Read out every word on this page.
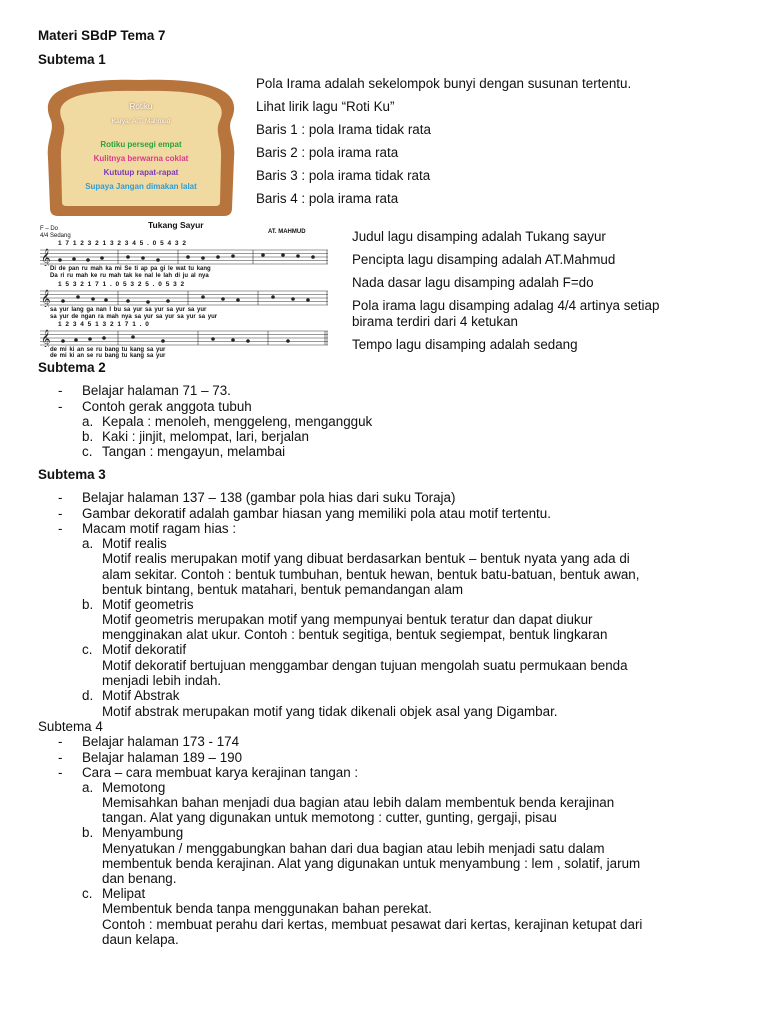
Materi SBdP Tema 7
Subtema 1
Rotiku
Karya: A.T. Mahmud
Rotiku persegi empat
Kulitnya berwarna coklat
Kututup rapat-rapat
Supaya Jangan dimakan lalat
Pola Irama adalah sekelompok bunyi dengan susunan tertentu.
Lihat lirik lagu “Roti Ku”
Baris 1 : pola Irama tidak rata
Baris 2 : pola irama rata
Baris 3 : pola irama tidak rata
Baris 4 : pola irama rata
Tukang Sayur
F – Do
4/4 Sedang
AT. MAHMUD
1 7 1 2 3 2 1 3 2 3 4 5 . 0 5 4 3 2
𝄞
Di de pan ru mah ka mi Se ti ap pa gi le wat tu kang
Da ri ru mah ke ru mah tak ke nal le lah di ju al nya
1 5 3 2 1 7 1 . 0 5 3 2 5 . 0 5 3 2
𝄞
sa yur lang ga nan I bu sa yur sa yur sa yur sa yur
sa yur de ngan ra mah nya sa yur sa yur sa yur sa yur
1 2 3 4 5 1 3 2 1 7 1 . 0
𝄞
de mi ki an se ru bang tu kang sa yur
de mi ki an se ru bang tu kang sa yur
Judul lagu disamping adalah Tukang sayur
Pencipta lagu disamping adalah AT.Mahmud
Nada dasar lagu disamping adalah F=do
Pola irama lagu disamping adalag 4/4 artinya setiap
birama terdiri dari 4 ketukan
Tempo lagu disamping adalah sedang
Subtema 2
- Belajar halaman 71 – 73.
- Contoh gerak anggota tubuh
a. Kepala : menoleh, menggeleng, mengangguk
b. Kaki : jinjit, melompat, lari, berjalan
c. Tangan : mengayun, melambai
Subtema 3
- Belajar halaman 137 – 138 (gambar pola hias dari suku Toraja)
- Gambar dekoratif adalah gambar hiasan yang memiliki pola atau motif tertentu.
- Macam motif ragam hias :
a. Motif realis
Motif realis merupakan motif yang dibuat berdasarkan bentuk – bentuk nyata yang ada di
alam sekitar. Contoh : bentuk tumbuhan, bentuk hewan, bentuk batu-batuan, bentuk awan,
bentuk bintang, bentuk matahari, bentuk pemandangan alam
b. Motif geometris
Motif geometris merupakan motif yang mempunyai bentuk teratur dan dapat diukur
mengginakan alat ukur. Contoh : bentuk segitiga, bentuk segiempat, bentuk lingkaran
c. Motif dekoratif
Motif dekoratif bertujuan menggambar dengan tujuan mengolah suatu permukaan benda
menjadi lebih indah.
d. Motif Abstrak
Motif abstrak merupakan motif yang tidak dikenali objek asal yang Digambar.
Subtema 4
- Belajar halaman 173 - 174
- Belajar halaman 189 – 190
- Cara – cara membuat karya kerajinan tangan :
a. Memotong
Memisahkan bahan menjadi dua bagian atau lebih dalam membentuk benda kerajinan
tangan. Alat yang digunakan untuk memotong : cutter, gunting, gergaji, pisau
b. Menyambung
Menyatukan / menggabungkan bahan dari dua bagian atau lebih menjadi satu dalam
membentuk benda kerajinan. Alat yang digunakan untuk menyambung : lem , solatif, jarum
dan benang.
c. Melipat
Membentuk benda tanpa menggunakan bahan perekat.
Contoh : membuat perahu dari kertas, membuat pesawat dari kertas, kerajinan ketupat dari
daun kelapa.
